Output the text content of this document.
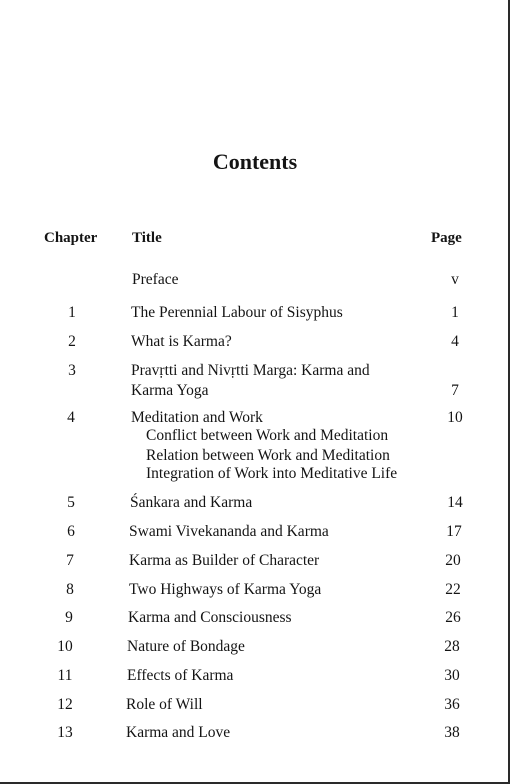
Contents
Chapter Title	Page
Preface	v
1	The Perennial Labour of Sisyphus	1
2	What is Karma?	4
3	Pravṛtti and Nivṛtti Marga: Karma and
Karma Yoga	7
4	Meditation and Work	10
Conflict between Work and Meditation
Relation between Work and Meditation
Integration of Work into Meditative Life
5	Śankara and Karma	14
6	Swami Vivekananda and Karma	17
7	Karma as Builder of Character	20
8	Two Highways of Karma Yoga	22
9	Karma and Consciousness	26
10	Nature of Bondage	28
11	Effects of Karma	30
12	Role of Will	36
13	Karma and Love	38
